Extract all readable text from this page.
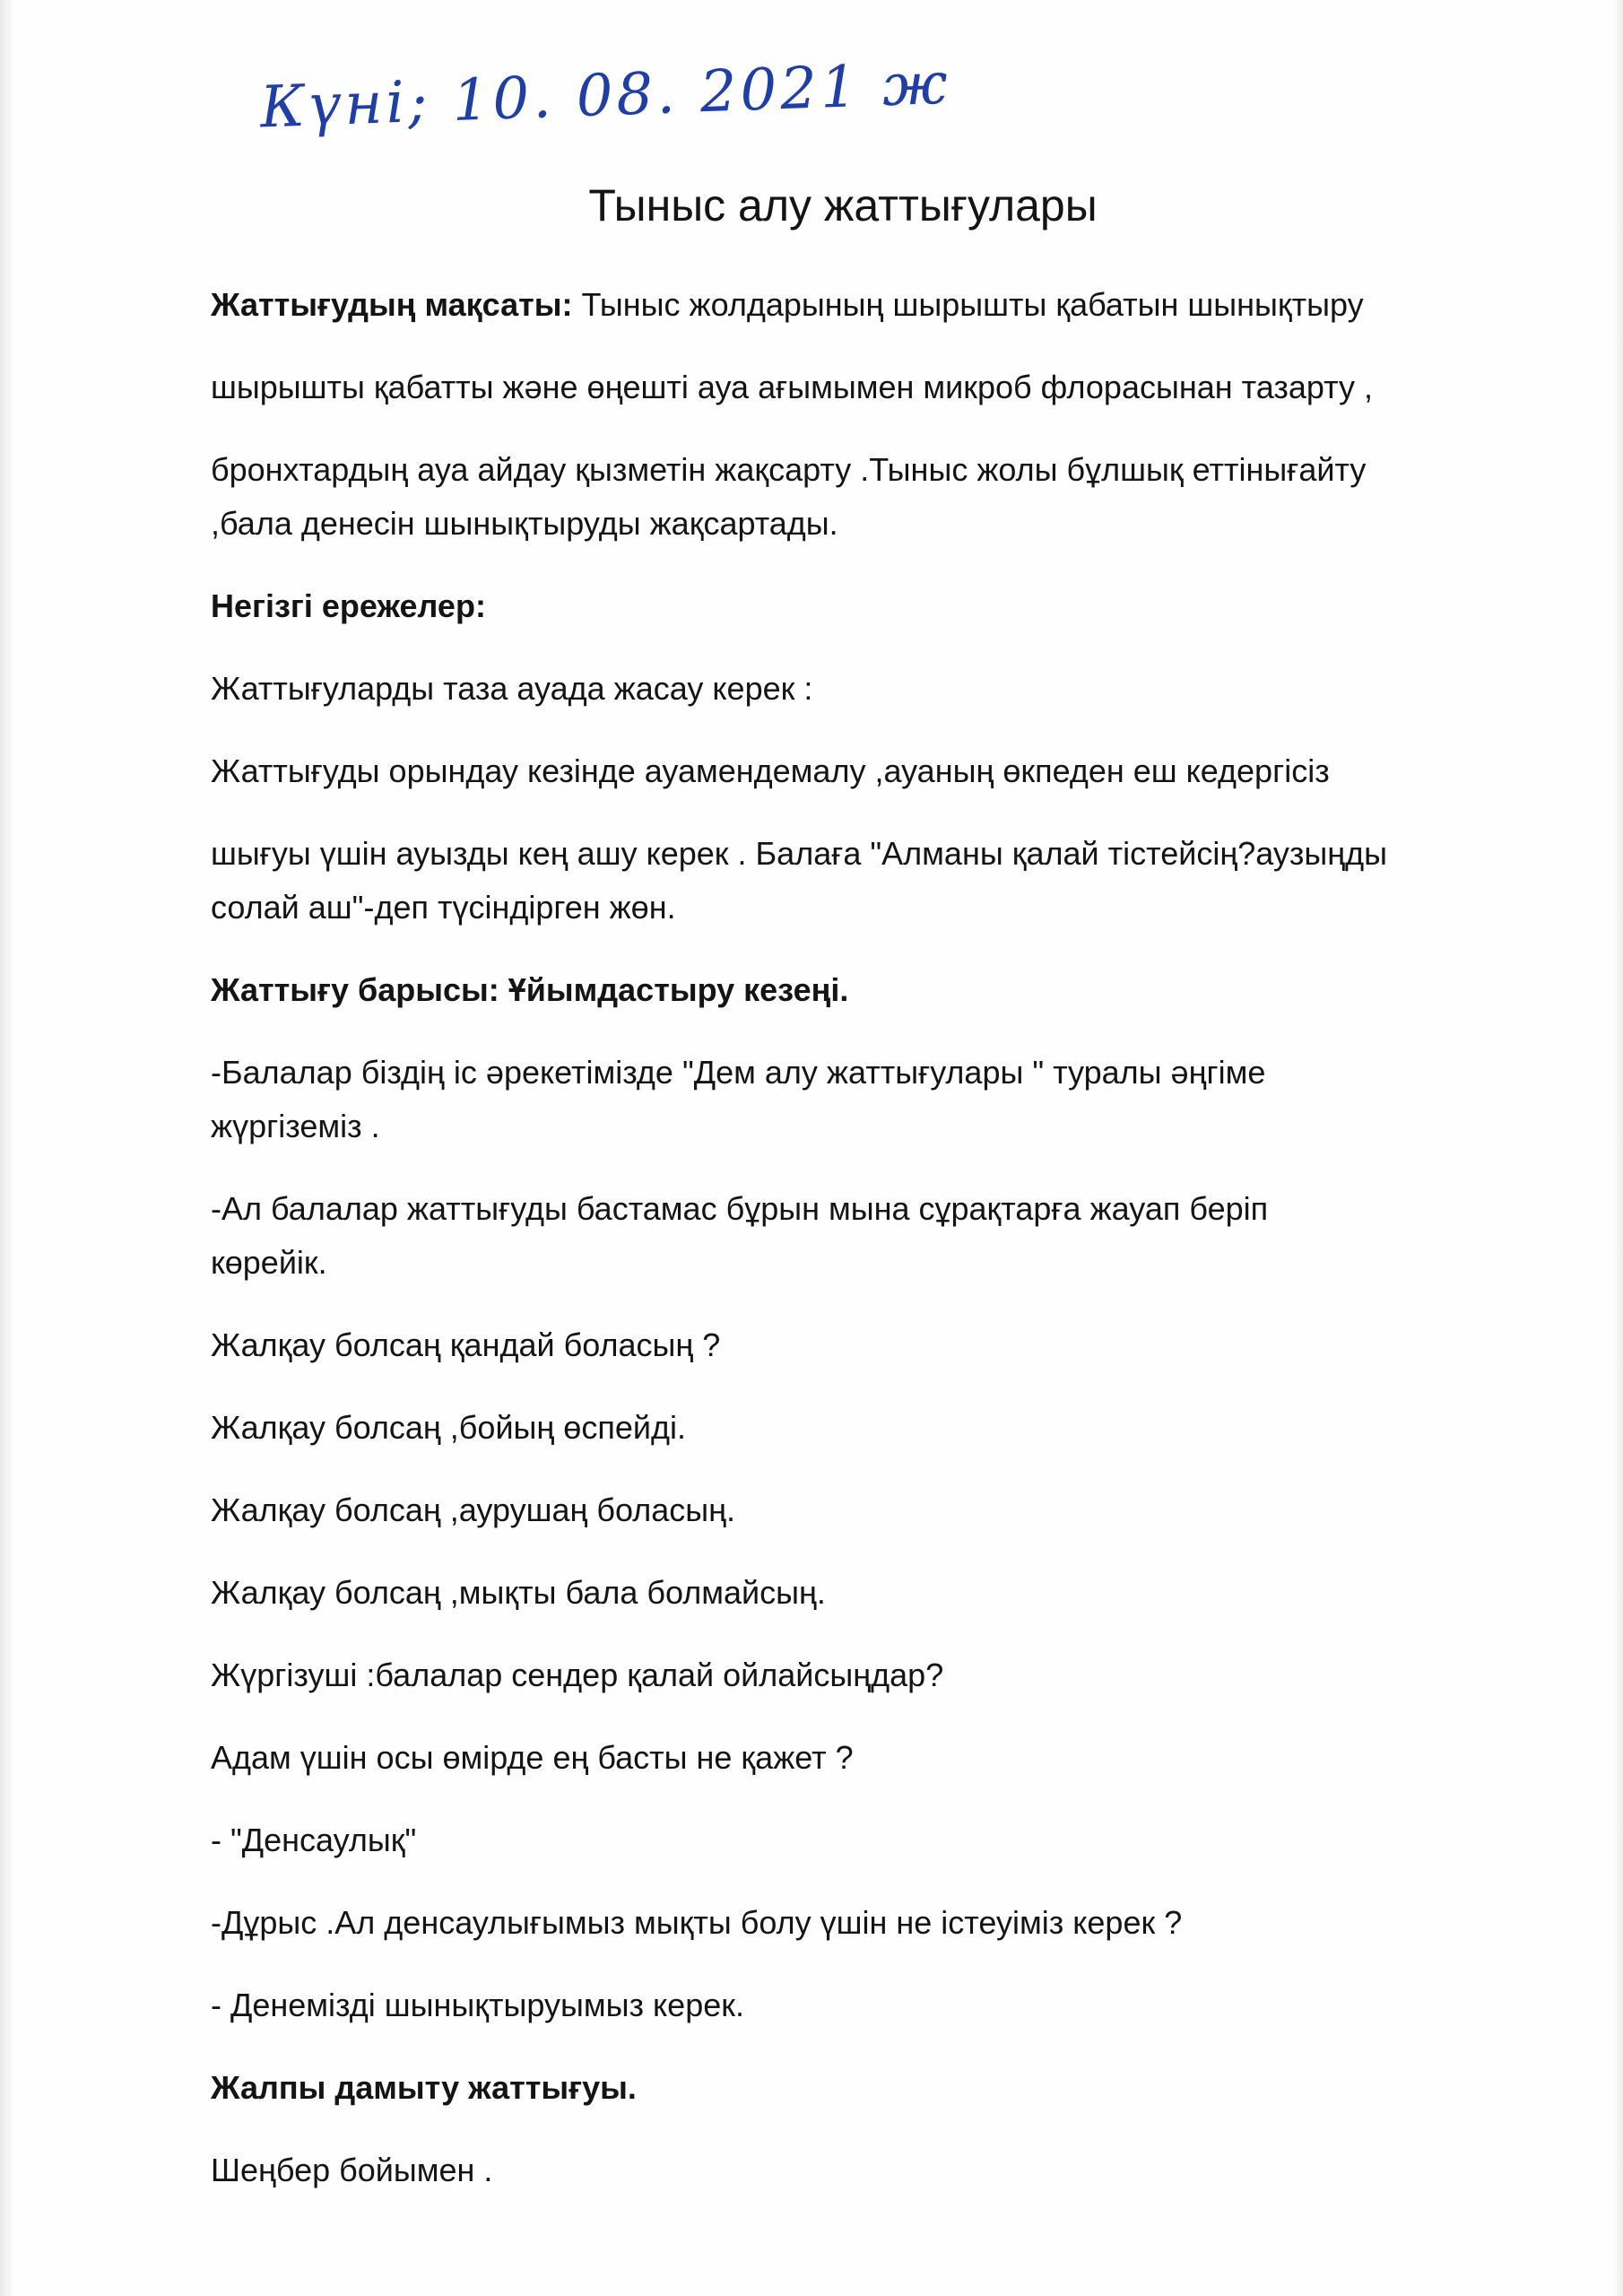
Күні; 10. 08. 2021 ж
Тыныс алу жаттығулары

Жаттығудың мақсаты: Тыныс жолдарының шырышты қабатын шынықтыру

шырышты қабатты және өңешті ауа ағымымен микроб флорасынан тазарту ,

бронхтардың ауа айдау қызметін жақсарту .Тыныс жолы бұлшық еттінығайту

,бала денесін шынықтыруды жақсартады.

Негізгі ережелер:

Жаттығуларды таза ауада жасау керек :

Жаттығуды орындау кезінде ауамендемалу ,ауаның өкпеден еш кедергісіз

шығуы үшін ауызды кең ашу керек . Балаға "Алманы қалай тістейсің?аузыңды

солай аш"-деп түсіндірген жөн.

Жаттығу барысы: Ұйымдастыру кезеңі.

-Балалар біздің іс әрекетімізде "Дем алу жаттығулары " туралы әңгіме

жүргіземіз .

-Ал балалар жаттығуды бастамас бұрын мына сұрақтарға жауап беріп

көрейік.

Жалқау болсаң қандай боласың ?

Жалқау болсаң ,бойың өспейді.

Жалқау болсаң ,аурушаң боласың.

Жалқау болсаң ,мықты бала болмайсың.

Жүргізуші :балалар сендер қалай ойлайсыңдар?

Адам үшін осы өмірде ең басты не қажет ?

- "Денсаулық"

-Дұрыс .Ал денсаулығымыз мықты болу үшін не істеуіміз керек ?

- Денемізді шынықтыруымыз керек.

Жалпы дамыту жаттығуы.

Шеңбер бойымен .
